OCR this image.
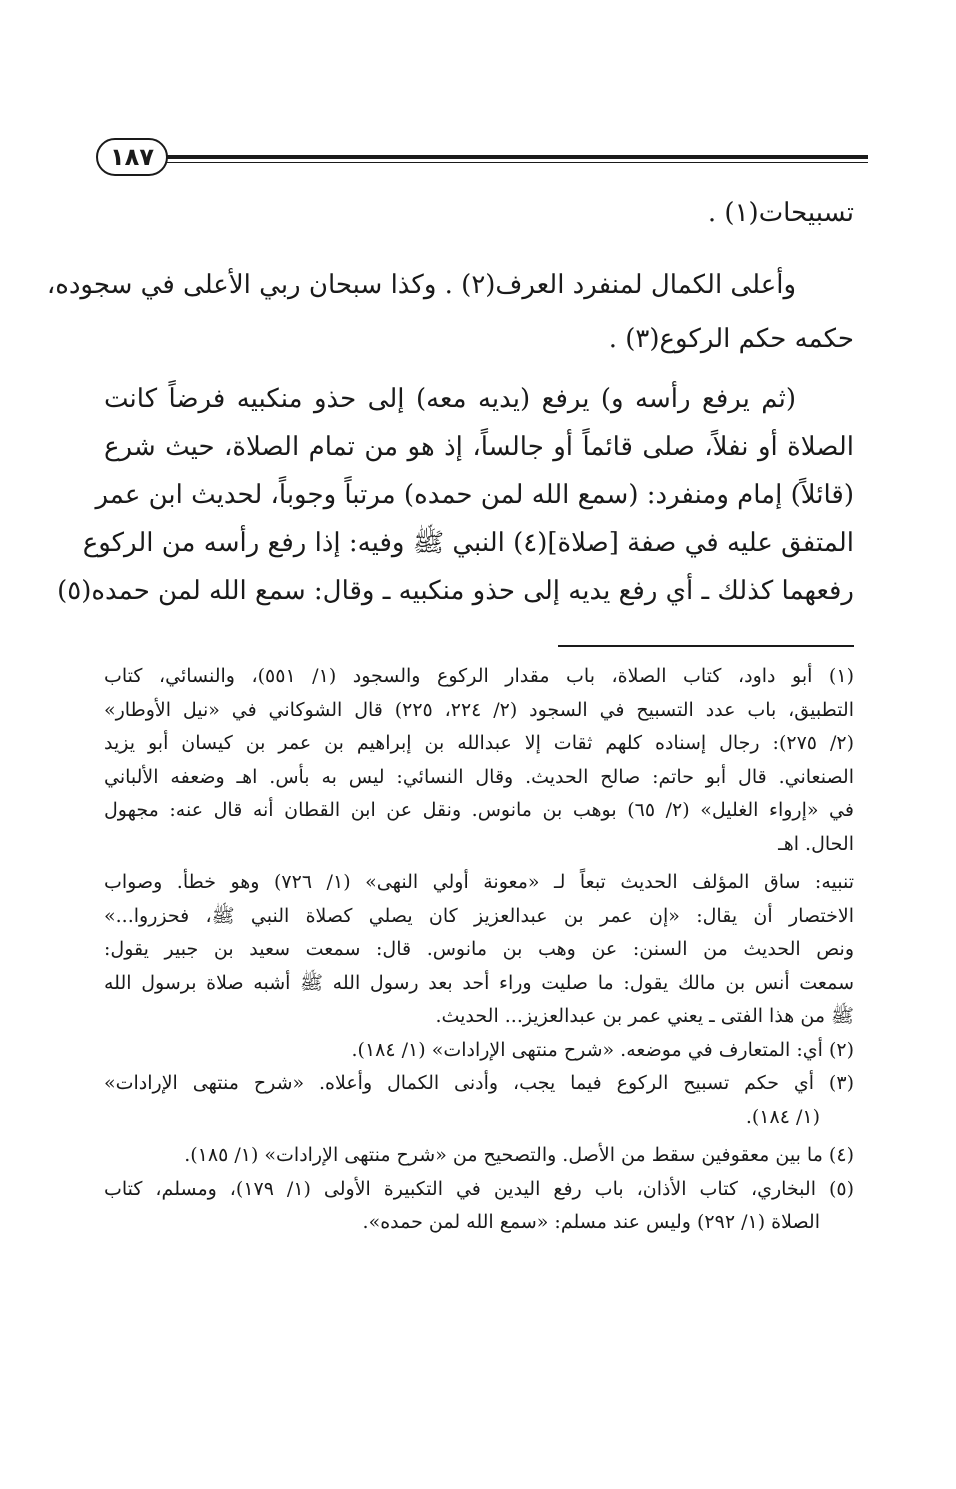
١٨٧
تسبيحات(١) .
وأعلى الكمال لمنفرد العرف(٢) . وكذا سبحان ربي الأعلى في سجوده،
حكمه حكم الركوع(٣) .
(ثم يرفع رأسه و) يرفع (يديه معه) إلى حذو منكبيه فرضاً كانت
الصلاة أو نفلاً، صلى قائماً أو جالساً، إذ هو من تمام الصلاة، حيث شرع
(قائلاً) إمام ومنفرد: (سمع الله لمن حمده) مرتباً وجوباً، لحديث ابن عمر
المتفق عليه في صفة [صلاة](٤) النبي ﷺ وفيه: إذا رفع رأسه من الركوع
رفعهما كذلك ـ أي رفع يديه إلى حذو منكبيه ـ وقال: سمع الله لمن حمده(٥)
(١) أبو داود، كتاب الصلاة، باب مقدار الركوع والسجود (١/ ٥٥١)، والنسائي، كتاب
التطبيق، باب عدد التسبيح في السجود (٢/ ٢٢٤، ٢٢٥) قال الشوكاني في «نيل الأوطار»
(٢/ ٢٧٥): رجال إسناده كلهم ثقات إلا عبدالله بن إبراهيم بن عمر بن كيسان أبو يزيد
الصنعاني. قال أبو حاتم: صالح الحديث. وقال النسائي: ليس به بأس. اهـ وضعفه الألباني
في «إرواء الغليل» (٢/ ٦٥) بوهب بن مانوس. ونقل عن ابن القطان أنه قال عنه: مجهول
الحال. اهـ
تنبيه: ساق المؤلف الحديث تبعاً لـ «معونة أولي النهى» (١/ ٧٢٦) وهو خطأ. وصواب
الاختصار أن يقال: «إن عمر بن عبدالعزيز كان يصلي كصلاة النبي ﷺ، فحزروا...»
ونص الحديث من السنن: عن وهب بن مانوس. قال: سمعت سعيد بن جبير يقول:
سمعت أنس بن مالك يقول: ما صليت وراء أحد بعد رسول الله ﷺ أشبه صلاة برسول الله
ﷺ من هذا الفتى ـ يعني عمر بن عبدالعزيز... الحديث.
(٢) أي: المتعارف في موضعه. «شرح منتهى الإرادات» (١/ ١٨٤).
(٣) أي حكم تسبيح الركوع فيما يجب، وأدنى الكمال وأعلاه. «شرح منتهى الإرادات»
(١/ ١٨٤).
(٤) ما بين معقوفين سقط من الأصل. والتصحيح من «شرح منتهى الإرادات» (١/ ١٨٥).
(٥) البخاري، كتاب الأذان، باب رفع اليدين في التكبيرة الأولى (١/ ١٧٩)، ومسلم، كتاب
الصلاة (١/ ٢٩٢) وليس عند مسلم: «سمع الله لمن حمده».
